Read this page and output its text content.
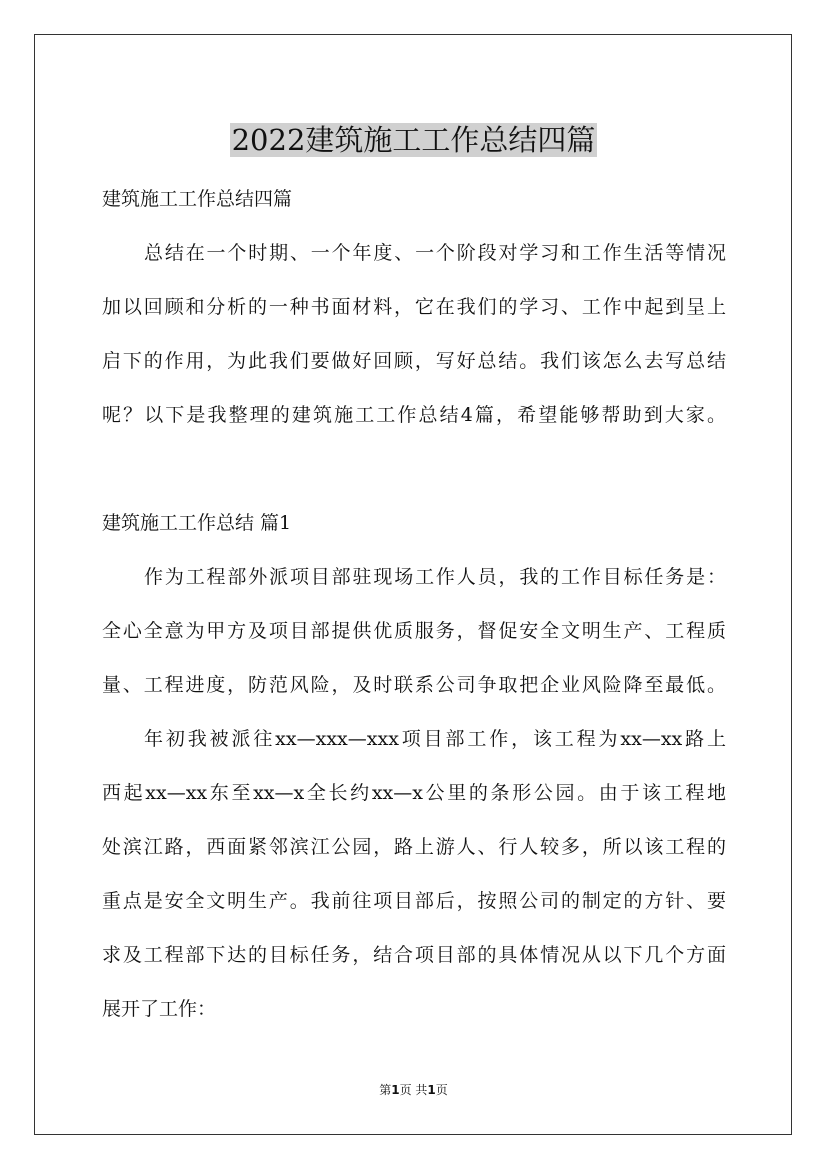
2022建筑施工工作总结四篇
建筑施工工作总结四篇
总结在一个时期、一个年度、一个阶段对学习和工作生活等情况
加以回顾和分析的一种书面材料，它在我们的学习、工作中起到呈上
启下的作用，为此我们要做好回顾，写好总结。我们该怎么去写总结
呢？以下是我整理的建筑施工工作总结4篇，希望能够帮助到大家。
建筑施工工作总结 篇1
作为工程部外派项目部驻现场工作人员，我的工作目标任务是：
全心全意为甲方及项目部提供优质服务，督促安全文明生产、工程质
量、工程进度，防范风险，及时联系公司争取把企业风险降至最低。
年初我被派往xx—xxx—xxx项目部工作，该工程为xx—xx路上
西起xx—xx东至xx—x全长约xx—x公里的条形公园。由于该工程地
处滨江路，西面紧邻滨江公园，路上游人、行人较多，所以该工程的
重点是安全文明生产。我前往项目部后，按照公司的制定的方针、要
求及工程部下达的目标任务，结合项目部的具体情况从以下几个方面
展开了工作：
第1页 共1页
